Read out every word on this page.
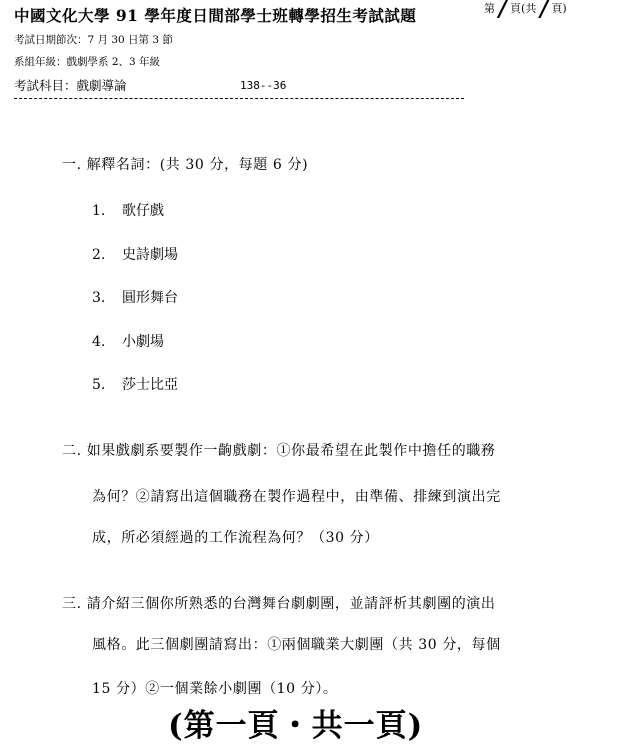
中國文化大學 91 學年度日間部學士班轉學招生考試試題	第 / 頁(共 / 頁)
考試日期節次：7 月 30 日第 3 節
系組年級：戲劇學系 2、3 年級
考試科目：戲劇導論	138--36
一. 解釋名詞：(共 30 分，每題 6 分)
1. 歌仔戲
2. 史詩劇場
3. 圓形舞台
4. 小劇場
5. 莎士比亞
二. 如果戲劇系要製作一齣戲劇：①你最希望在此製作中擔任的職務
為何？②請寫出這個職務在製作過程中，由準備、排練到演出完
成，所必須經過的工作流程為何？（30 分）
三. 請介紹三個你所熟悉的台灣舞台劇劇團，並請評析其劇團的演出
風格。此三個劇團請寫出：①兩個職業大劇團（共 30 分，每個
15 分）②一個業餘小劇團（10 分）。
(第一頁・共一頁)
